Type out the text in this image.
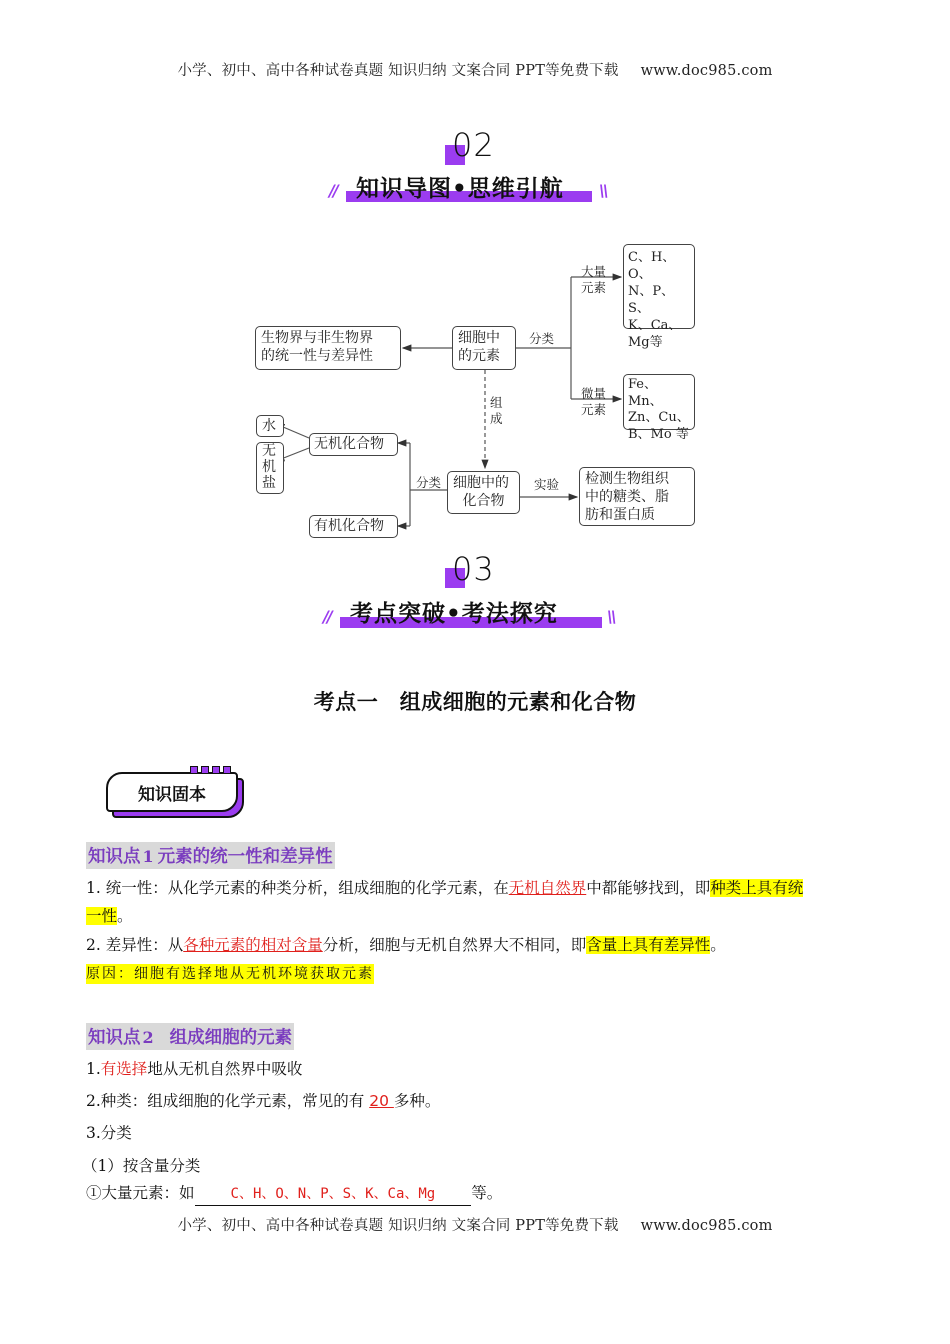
小学、初中、高中各种试卷真题 知识归纳 文案合同 PPT等免费下载 www.doc985.com
02
知识导图•思维引航
//	\\
生物界与非生物界
的统一性与差异性
细胞中
的元素
分类
大量
元素
微量
元素
C、H、O、
N、P、S、
K、Ca、
Mg等
Fe、Mn、
Zn、Cu、
B、Mo 等
组
成
细胞中的
化合物
分类	实验 检测生物组织
中的糖类、脂
肪和蛋白质
无机化合物
有机化合物
水
无
机
盐
03
考点突破•考法探究
//	\\
考点一　组成细胞的元素和化合物
知识固本
知识点 1 元素的统一性和差异性
1. 统一性：从化学元素的种类分析，组成细胞的化学元素，在无机自然界中都能够找到，即种类上具有统
一性。
2. 差异性：从各种元素的相对含量分析，细胞与无机自然界大不相同，即含量上具有差异性。
原因：细胞有选择地从无机环境获取元素
知识点 2 组成细胞的元素
1.有选择地从无机自然界中吸收
2.种类：组成细胞的化学元素，常见的有 20 多种。
3.分类
（1）按含量分类
①大量元素：如	C、H、O、N、P、S、K、Ca、Mg 等。
小学、初中、高中各种试卷真题 知识归纳 文案合同 PPT等免费下载 www.doc985.com
